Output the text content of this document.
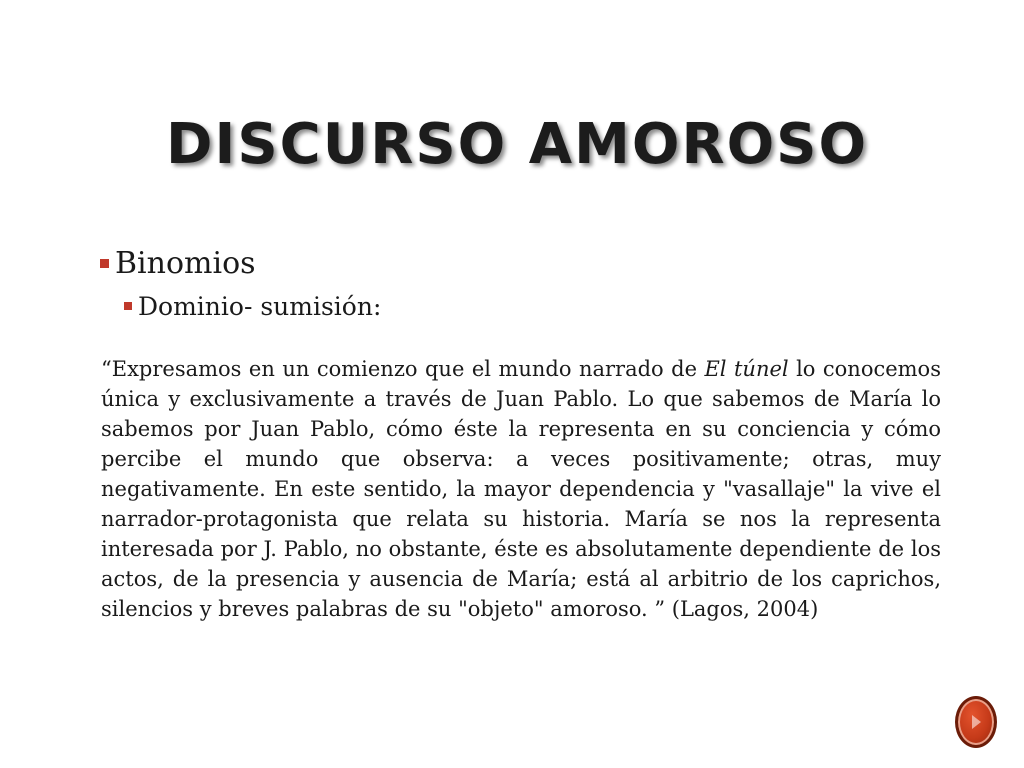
DISCURSO AMOROSO
Binomios
Dominio- sumisión:

“Expresamos en un comienzo que el mundo narrado de El túnel lo conocemos única y exclusivamente a través de Juan Pablo. Lo que sabemos de María lo sabemos por Juan Pablo, cómo éste la representa en su conciencia y cómo percibe el mundo que observa: a veces positivamente; otras, muy negativamente. En este sentido, la mayor dependencia y "vasallaje" la vive el narrador-protagonista que relata su historia. María se nos la representa interesada por J. Pablo, no obstante, éste es absolutamente dependiente de los actos, de la presencia y ausencia de María; está al arbitrio de los caprichos, silencios y breves palabras de su "objeto" amoroso. ” (Lagos, 2004)
